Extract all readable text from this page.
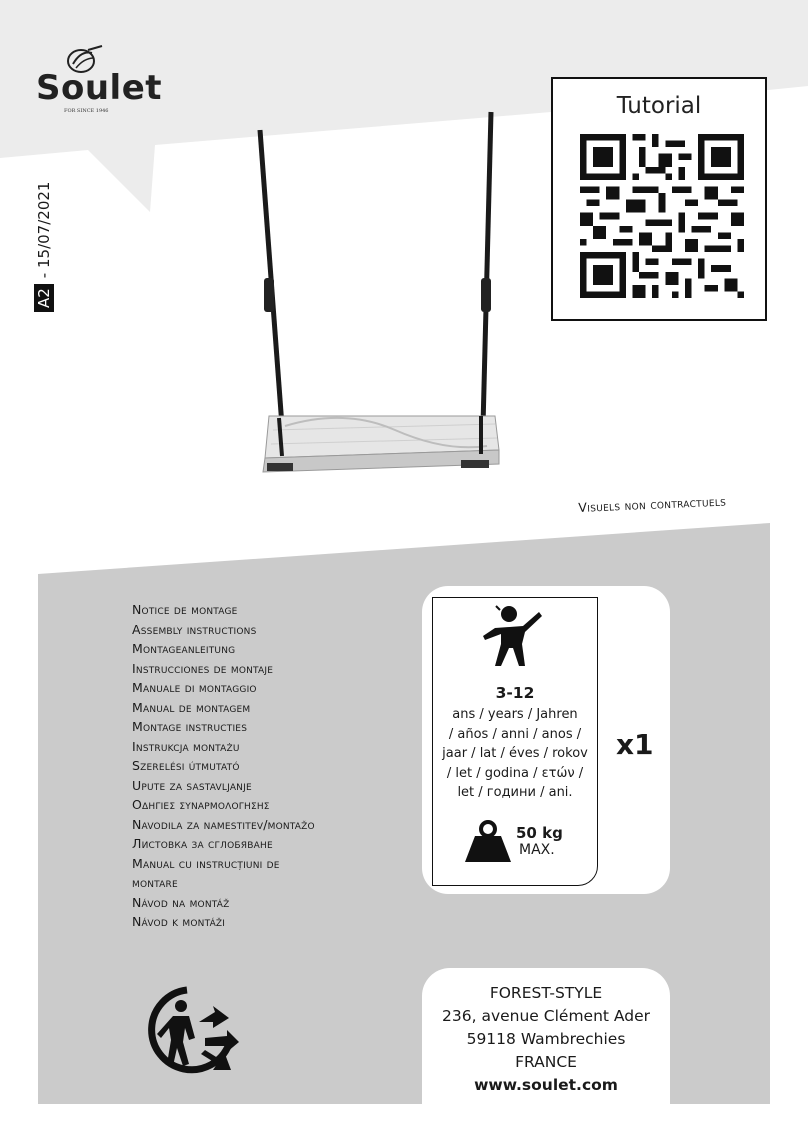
Soulet
FOR SINCE 1946
A2
- 15/07/2021
Tutorial
Visuels non contractuels
Notice de montage
Assembly instructions
Montageanleitung
Instrucciones de montaje
Manuale di montaggio
Manual de montagem
Montage instructies
Instrukcja montażu
Szerelési útmutató
Upute za sastavljanje
Οδηγιες συναρμολογησης
Navodila za namestitev/montažo
Листовка за сглобяване
Manual cu instrucțiuni de
montare
Návod na montáž
Návod k montáži
3-12
ans / years / Jahren
/ años / anni / anos /
jaar / lat / éves / rokov
/ let / godina / ετών /
let / години / ani.
50 kg
MAX.
x1
FOREST-STYLE
236, avenue Clément Ader
59118 Wambrechies
FRANCE
www.soulet.com
